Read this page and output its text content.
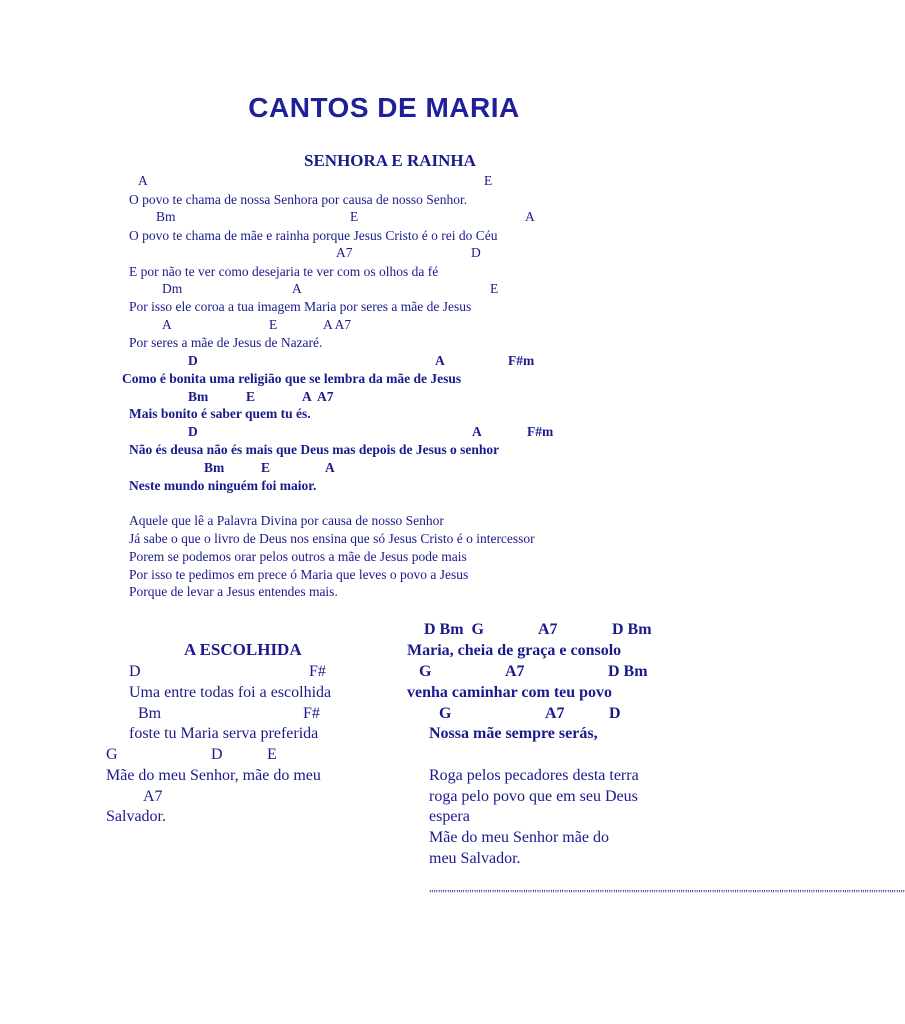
CANTOS DE MARIA
SENHORA E RAINHA
A	E
O povo te chama de nossa Senhora por causa de nosso Senhor.
Bm	E	A
O povo te chama de mãe e rainha porque Jesus Cristo é o rei do Céu
A7	D
E por não te ver como desejaria te ver com os olhos da fé
Dm	A	E
Por isso ele coroa a tua imagem Maria por seres a mãe de Jesus
A	E	A A7
Por seres a mãe de Jesus de Nazaré.
D	A	F#m
Como é bonita uma religião que se lembra da mãe de Jesus
Bm	E	A  A7
Mais bonito é saber quem tu és.
D	A	F#m
Não és deusa não és mais que Deus mas depois de Jesus o senhor
Bm	E	A
Neste mundo ninguém foi maior.
Aquele que lê a Palavra Divina por causa de nosso Senhor
Já sabe o que o livro de Deus nos ensina que só Jesus Cristo é o intercessor
Porem se podemos orar pelos outros a mãe de Jesus pode mais
Por isso te pedimos em prece ó Maria que leves o povo a Jesus
Porque de levar a Jesus entendes mais.
A ESCOLHIDA
D	F#
Uma entre todas foi a escolhida
Bm	F#
foste tu Maria serva preferida
G	D	E
Mãe do meu Senhor, mãe do meu
A7
Salvador.
D Bm  G	A7	D Bm
Maria, cheia de graça e consolo
G	A7	D Bm
venha caminhar com teu povo
G	A7	D
Nossa mãe sempre serás,
Roga pelos pecadores desta terra
roga pelo povo que em seu Deus
espera
Mãe do meu Senhor mãe do
meu Salvador.
""""""""""""""""""""""""""""""""""""""""""""""""""""""""""""""""""""""""""""""""""""""""""""""""""""""""""
